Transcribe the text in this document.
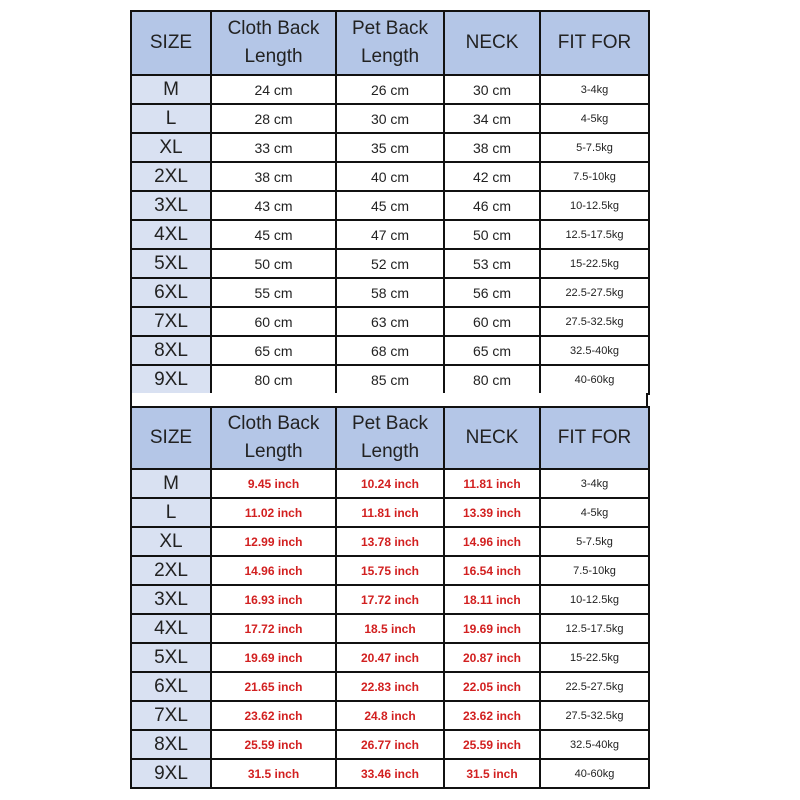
SIZE	Cloth Back Length	Pet Back Length	NECK	FIT FOR
M	24 cm	26 cm	30 cm	3-4kg
L	28 cm	30 cm	34 cm	4-5kg
XL	33 cm	35 cm	38 cm	5-7.5kg
2XL	38 cm	40 cm	42 cm	7.5-10kg
3XL	43 cm	45 cm	46 cm	10-12.5kg
4XL	45 cm	47 cm	50 cm	12.5-17.5kg
5XL	50 cm	52 cm	53 cm	15-22.5kg
6XL	55 cm	58 cm	56 cm	22.5-27.5kg
7XL	60 cm	63 cm	60 cm	27.5-32.5kg
8XL	65 cm	68 cm	65 cm	32.5-40kg
9XL	80 cm	85 cm	80 cm	40-60kg
SIZE	Cloth Back Length	Pet Back Length	NECK	FIT FOR
M	9.45 inch	10.24 inch	11.81 inch	3-4kg
L	11.02 inch	11.81 inch	13.39 inch	4-5kg
XL	12.99 inch	13.78 inch	14.96 inch	5-7.5kg
2XL	14.96 inch	15.75 inch	16.54 inch	7.5-10kg
3XL	16.93 inch	17.72 inch	18.11 inch	10-12.5kg
4XL	17.72 inch	18.5 inch	19.69 inch	12.5-17.5kg
5XL	19.69 inch	20.47 inch	20.87 inch	15-22.5kg
6XL	21.65 inch	22.83 inch	22.05 inch	22.5-27.5kg
7XL	23.62 inch	24.8 inch	23.62 inch	27.5-32.5kg
8XL	25.59 inch	26.77 inch	25.59 inch	32.5-40kg
9XL	31.5 inch	33.46 inch	31.5 inch	40-60kg
